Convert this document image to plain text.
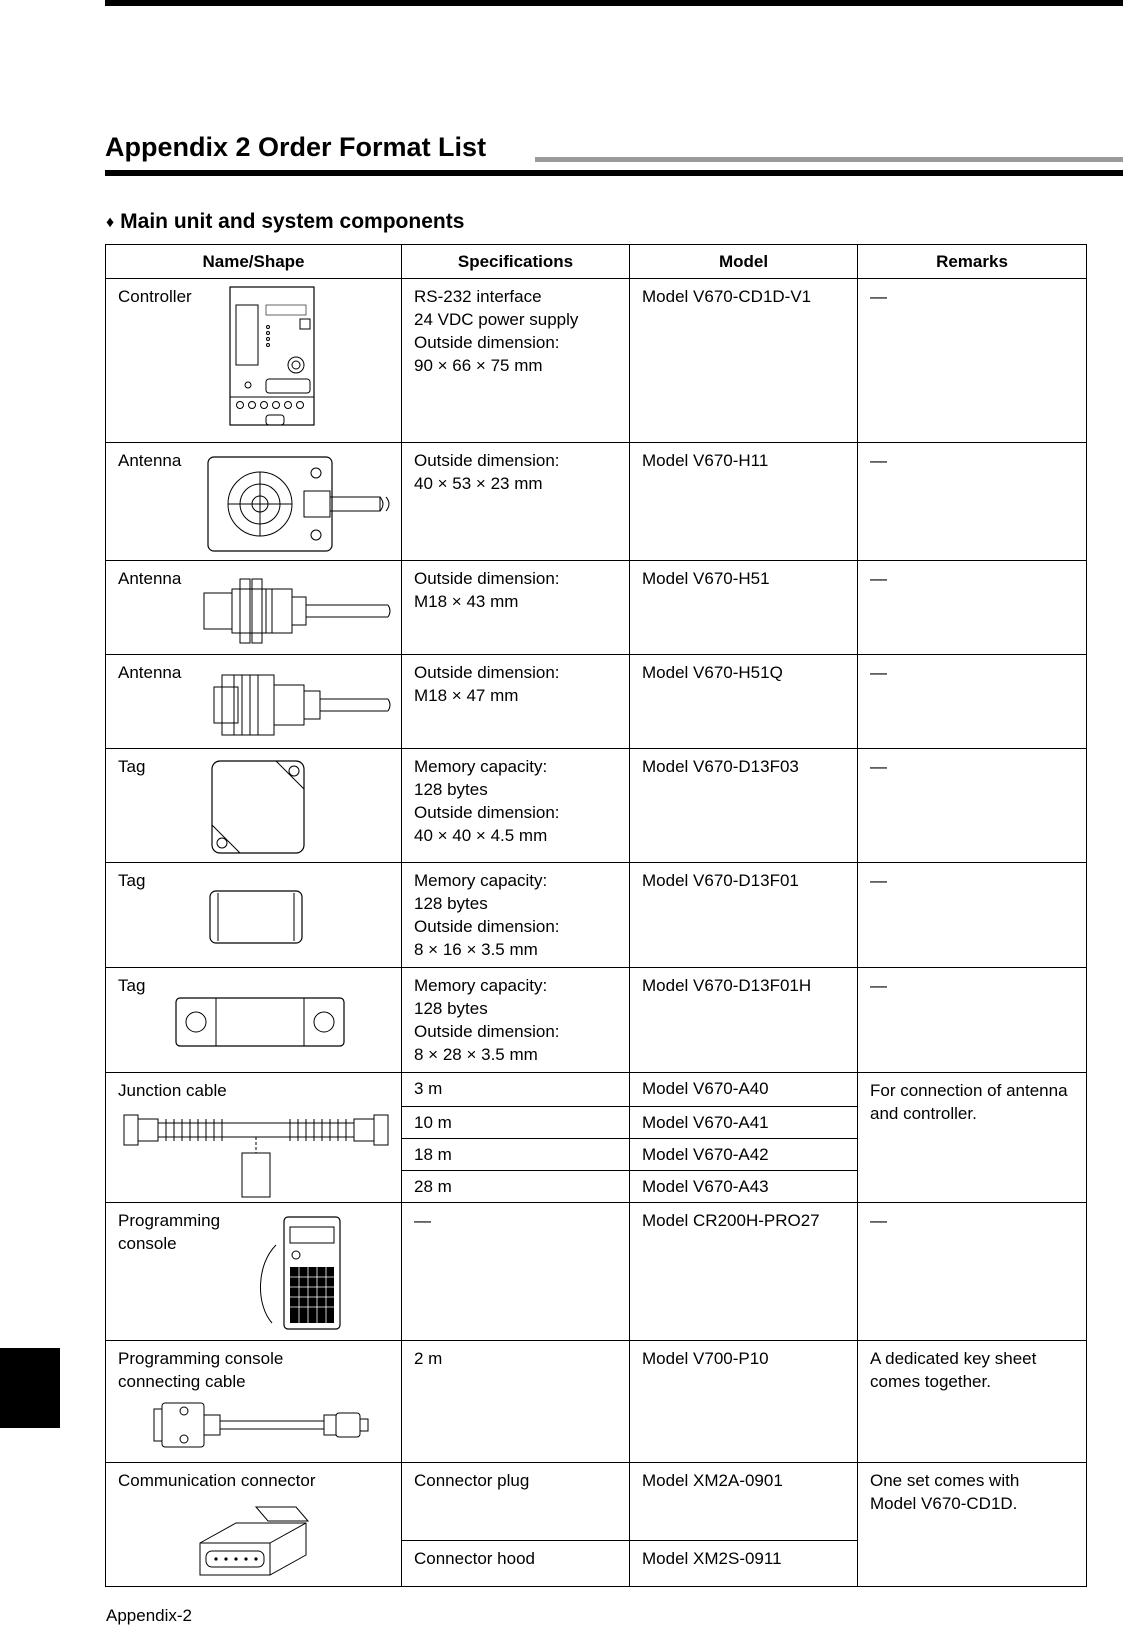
Appendix 2 Order Format List
♦ Main unit and system components
Name/Shape	Specifications	Model	Remarks

Controller	RS-232 interface
24 VDC power supply
Outside dimension:
90 × 66 × 75 mm	Model V670-CD1D-V1	—

Antenna	Outside dimension:
40 × 53 × 23 mm	Model V670-H11	—

Antenna	Outside dimension:
M18 × 43 mm	Model V670-H51	—

Antenna	Outside dimension:
M18 × 47 mm	Model V670-H51Q	—

Tag	Memory capacity:
128 bytes
Outside dimension:
40 × 40 × 4.5 mm	Model V670-D13F03	—

Tag	Memory capacity:
128 bytes
Outside dimension:
8 × 16 × 3.5 mm	Model V670-D13F01	—

Tag	Memory capacity:
128 bytes
Outside dimension:
8 × 28 × 3.5 mm	Model V670-D13F01H	—

Junction cable	3 m	Model V670-A40	For connection of antenna and controller.
	10 m	Model V670-A41	
	18 m	Model V670-A42	
	28 m	Model V670-A43	

Programming
console	—	Model CR200H-PRO27	—

Programming console
connecting cable	2 m	Model V700-P10	A dedicated key sheet
comes together.

Communication connector	Connector plug	Model XM2A-0901	One set comes with
Model V670-CD1D.

	Connector hood	Model XM2S-0911	
Appendix-2
